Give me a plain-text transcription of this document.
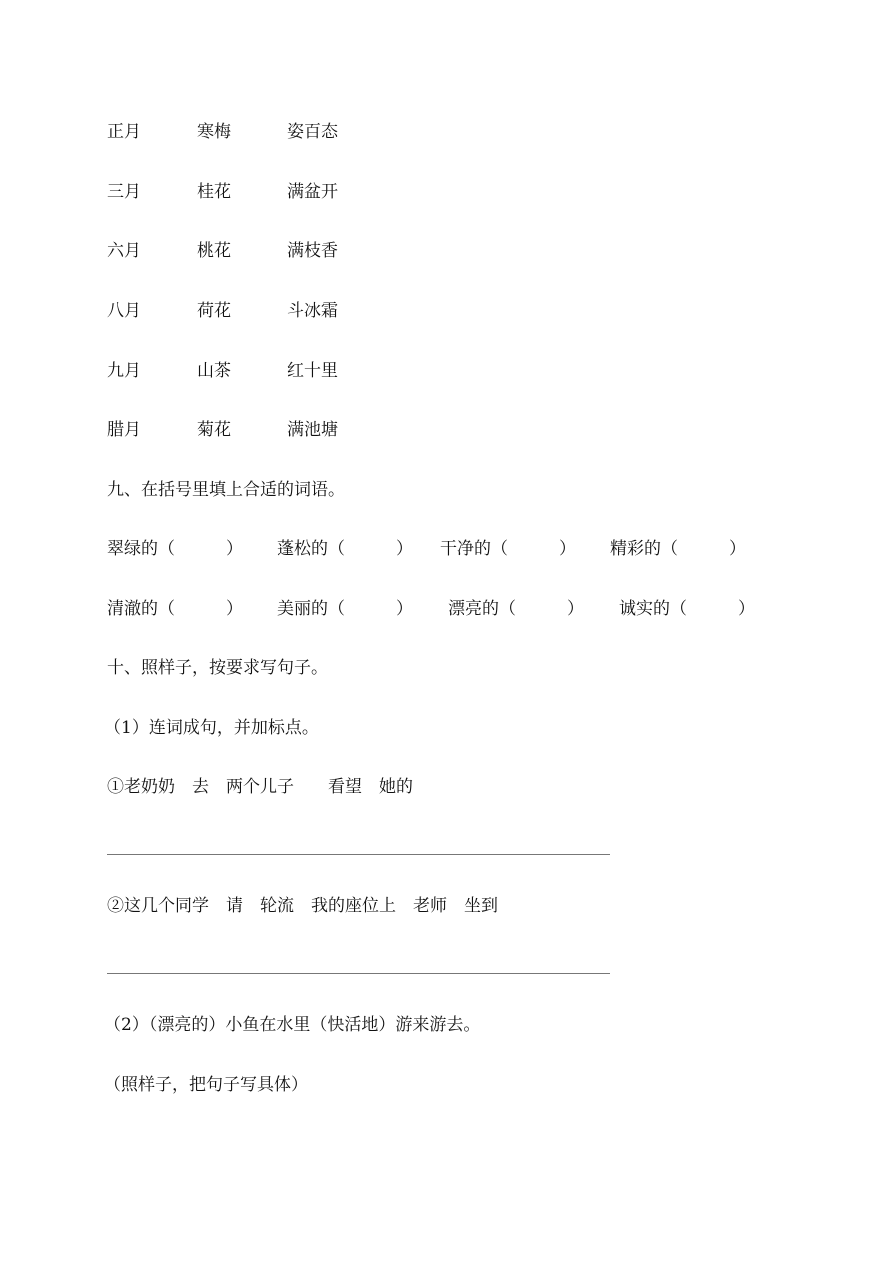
正月	寒梅	姿百态
三月	桂花	满盆开
六月	桃花	满枝香
八月	荷花	斗冰霜
九月	山茶	红十里
腊月	菊花	满池塘
九、在括号里填上合适的词语。
翠绿的（　　　） 蓬松的（　　　） 干净的（　　　） 精彩的（　　　）
清澈的（　　　） 美丽的（　　　） 漂亮的（　　　） 诚实的（　　　）
十、照样子，按要求写句子。
（1）连词成句，并加标点。
①老奶奶　去　两个儿子　　看望　她的
②这几个同学　请　轮流　我的座位上　老师　坐到
（2）（漂亮的）小鱼在水里（快活地）游来游去。
（照样子，把句子写具体）
